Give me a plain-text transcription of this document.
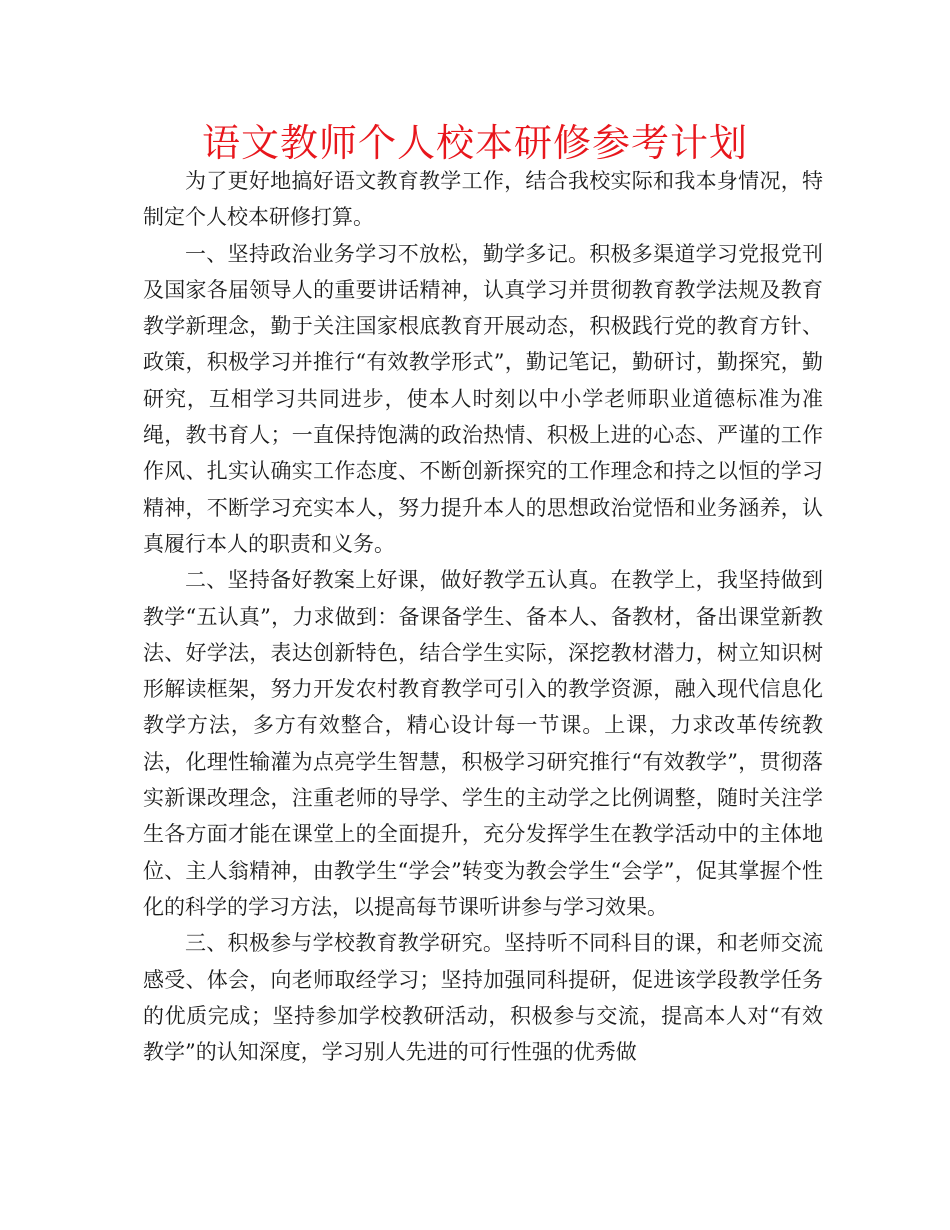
语文教师个人校本研修参考计划

为了更好地搞好语文教育教学工作，结合我校实际和我本身情况，特制定个人校本研修打算。

一、坚持政治业务学习不放松，勤学多记。积极多渠道学习党报党刊及国家各届领导人的重要讲话精神，认真学习并贯彻教育教学法规及教育教学新理念，勤于关注国家根底教育开展动态，积极践行党的教育方针、政策，积极学习并推行“有效教学形式”，勤记笔记，勤研讨，勤探究，勤研究，互相学习共同进步，使本人时刻以中小学老师职业道德标准为准绳，教书育人；一直保持饱满的政治热情、积极上进的心态、严谨的工作作风、扎实认确实工作态度、不断创新探究的工作理念和持之以恒的学习精神，不断学习充实本人，努力提升本人的思想政治觉悟和业务涵养，认真履行本人的职责和义务。

二、坚持备好教案上好课，做好教学五认真。在教学上，我坚持做到教学“五认真”，力求做到：备课备学生、备本人、备教材，备出课堂新教法、好学法，表达创新特色，结合学生实际，深挖教材潜力，树立知识树形解读框架，努力开发农村教育教学可引入的教学资源，融入现代信息化教学方法，多方有效整合，精心设计每一节课。上课，力求改革传统教法，化理性输灌为点亮学生智慧，积极学习研究推行“有效教学”，贯彻落实新课改理念，注重老师的导学、学生的主动学之比例调整，随时关注学生各方面才能在课堂上的全面提升，充分发挥学生在教学活动中的主体地位、主人翁精神，由教学生“学会”转变为教会学生“会学”，促其掌握个性化的科学的学习方法，以提高每节课听讲参与学习效果。

三、积极参与学校教育教学研究。坚持听不同科目的课，和老师交流感受、体会，向老师取经学习；坚持加强同科提研，促进该学段教学任务的优质完成；坚持参加学校教研活动，积极参与交流，提高本人对“有效教学”的认知深度，学习别人先进的可行性强的优秀做
